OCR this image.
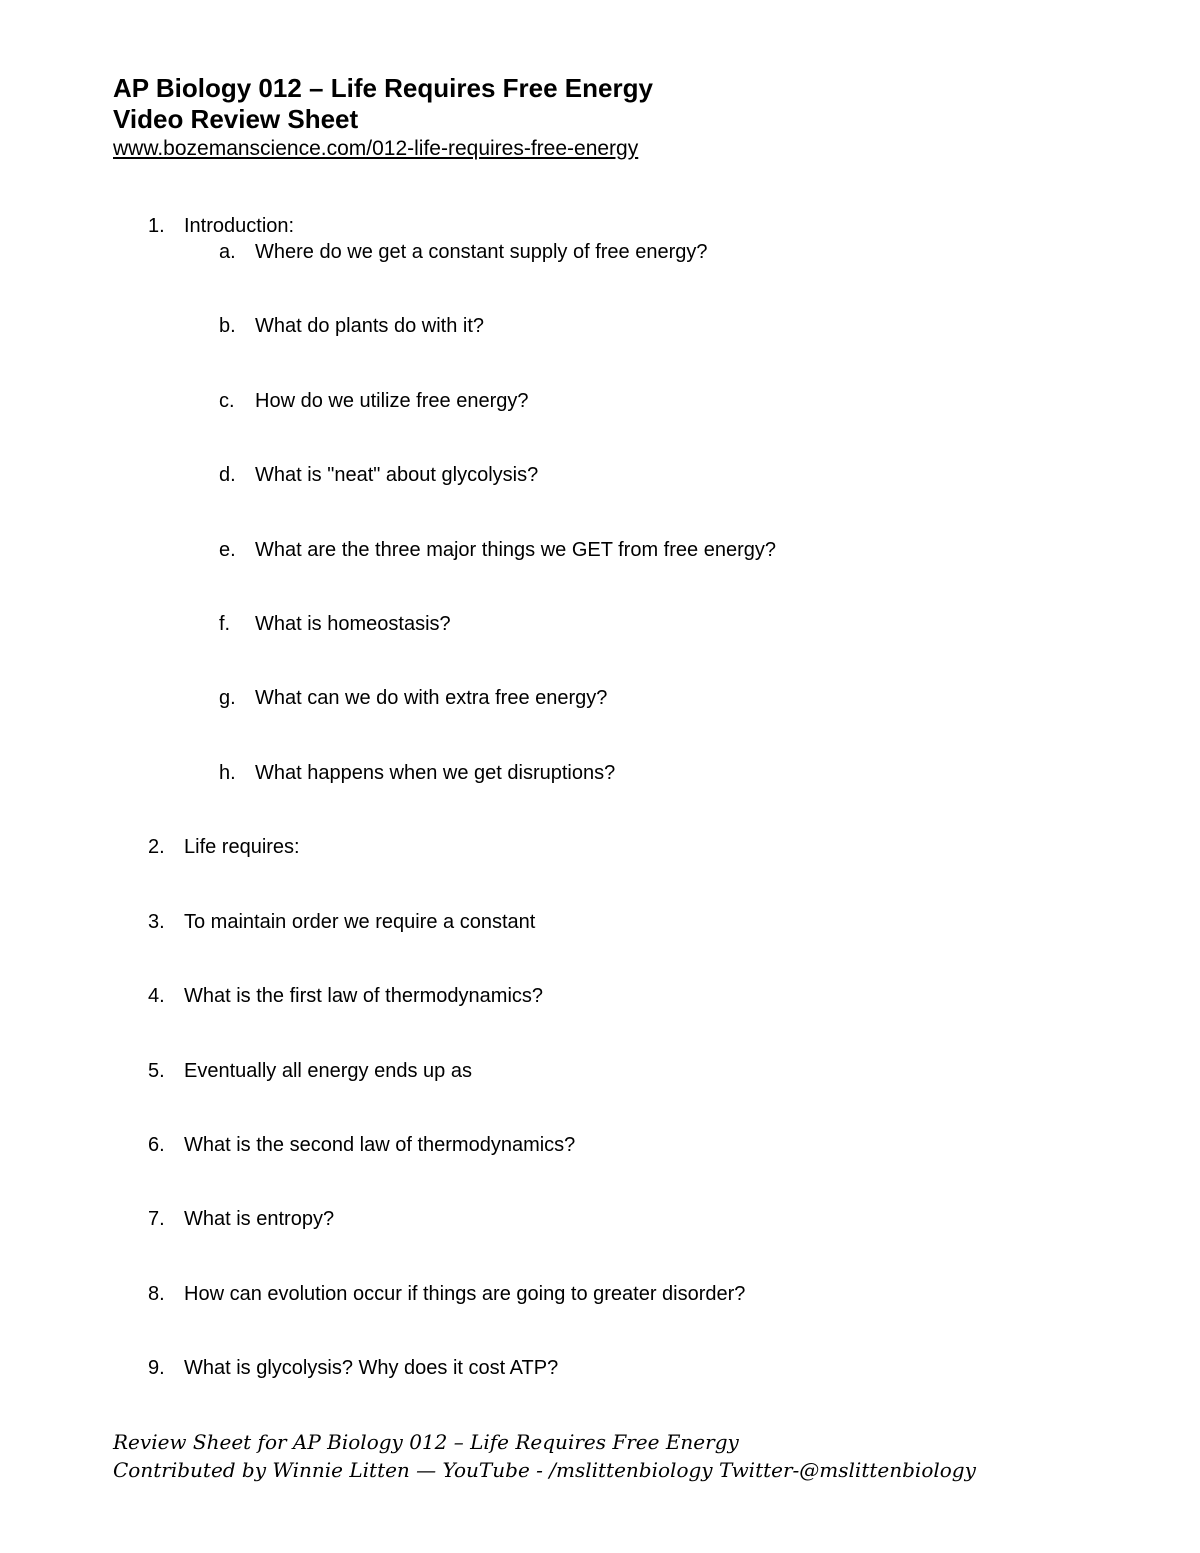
AP Biology 012 – Life Requires Free Energy
Video Review Sheet
www.bozemanscience.com/012-life-requires-free-energy
1. Introduction:
a. Where do we get a constant supply of free energy?
b. What do plants do with it?
c.	How do we utilize free energy?
d. What is "neat" about glycolysis?
e. What are the three major things we GET from free energy?
f.	What is homeostasis?
g. What can we do with extra free energy?
h. What happens when we get disruptions?
2. Life requires:
3. To maintain order we require a constant
4. What is the first law of thermodynamics?
5. Eventually all energy ends up as
6. What is the second law of thermodynamics?
7. What is entropy?
8. How can evolution occur if things are going to greater disorder?
9. What is glycolysis? Why does it cost ATP?
Review Sheet for AP Biology 012 – Life Requires Free Energy
Contributed by Winnie Litten — YouTube - /mslittenbiology Twitter-@mslittenbiology
